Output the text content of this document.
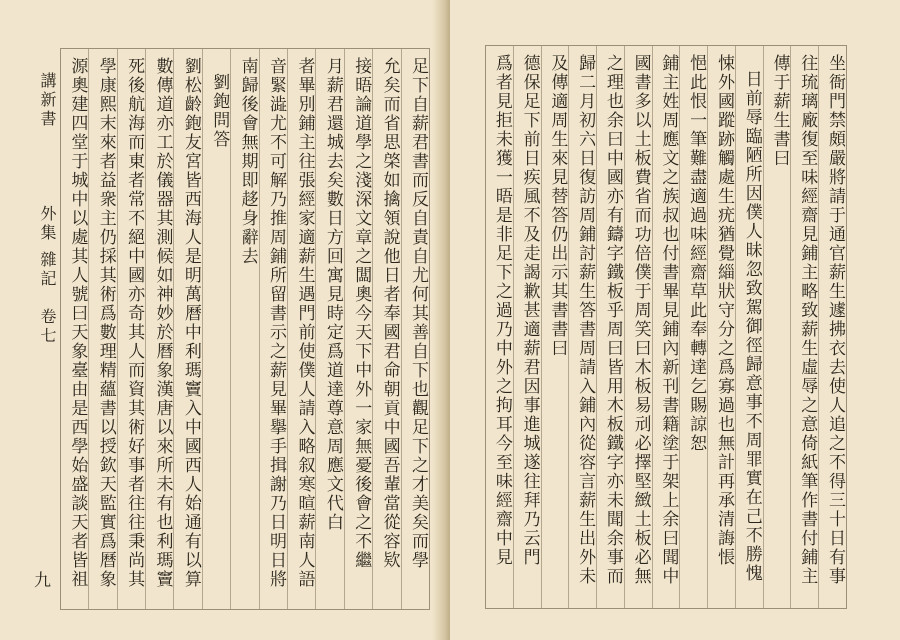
講新書
外集 雜記
卷七
九
足下自薪君書而反自責自尤何其善自下也觀足下之才美矣而學
允矣而省思棨如擒領說他日者奉國君命朝貢中國吾輩當從容欵
接晤論道學之淺深文章之闆奧今天下中外一家無憂後會之不繼
月薪君還城去矣數日方回寓見時定爲道達尊意周應文代白
者畢別鋪主往張經家適薪生遇門前使僕人請入略叙寒暄薪南人語
音緊澁尤不可解乃推周鋪所留書示之薪見畢擧手揖謝乃日明日將
南歸後會無期即趍身辭去
劉鉋問答
劉松齡鉋友宮皆西海人是明萬曆中利瑪竇入中國西人始通有以算
數傳道亦工於儀器其測候如神妙於曆象漢唐以來所未有也利瑪竇
死後航海而東者常不絕中國亦奇其人而資其術好事者往往秉尚其
學康熙末來者益衆主仍採其術爲數理精蘊書以授欽天監實爲曆象
源奧建四堂于城中以處其人號曰天象臺由是西學始盛談天者皆祖	坐衙門禁頗嚴將請于通官薪生遽拂衣去使人追之不得三十日有事
往琉璃廠復至味經齋見鋪主略致薪生虛辱之意倚紙筆作書付鋪主
傳于薪生書曰
日前辱臨陋所因僕人昧忽致駕御徑歸意事不周罪實在己不勝愧
悚外國蹤跡觸處生疣猶覺緇狀守分之爲寡過也無計再承清誨悵
悒此恨一筆難盡適過味經齋草此奉轉達乞賜諒恕
鋪主姓周應文之族叔也付書畢見鋪內新刊書籍塗于架上余曰聞中
國書多以土板費省而功倍僕于周笑曰木板易刓必擇堅緻土板必無
之理也余曰中國亦有鑄字鐵板乎周曰皆用木板鐵字亦未聞余事而
歸二月初六日復訪周鋪討薪生答書周請入鋪內從容言薪生出外未
及傳適周生來見替答仍出示其書書曰
德保足下前日疾風不及走謁歉甚適薪君因事進城遂往拜乃云門
爲者見拒未獲一晤是非足下之過乃中外之拘耳今至味經齋中見
